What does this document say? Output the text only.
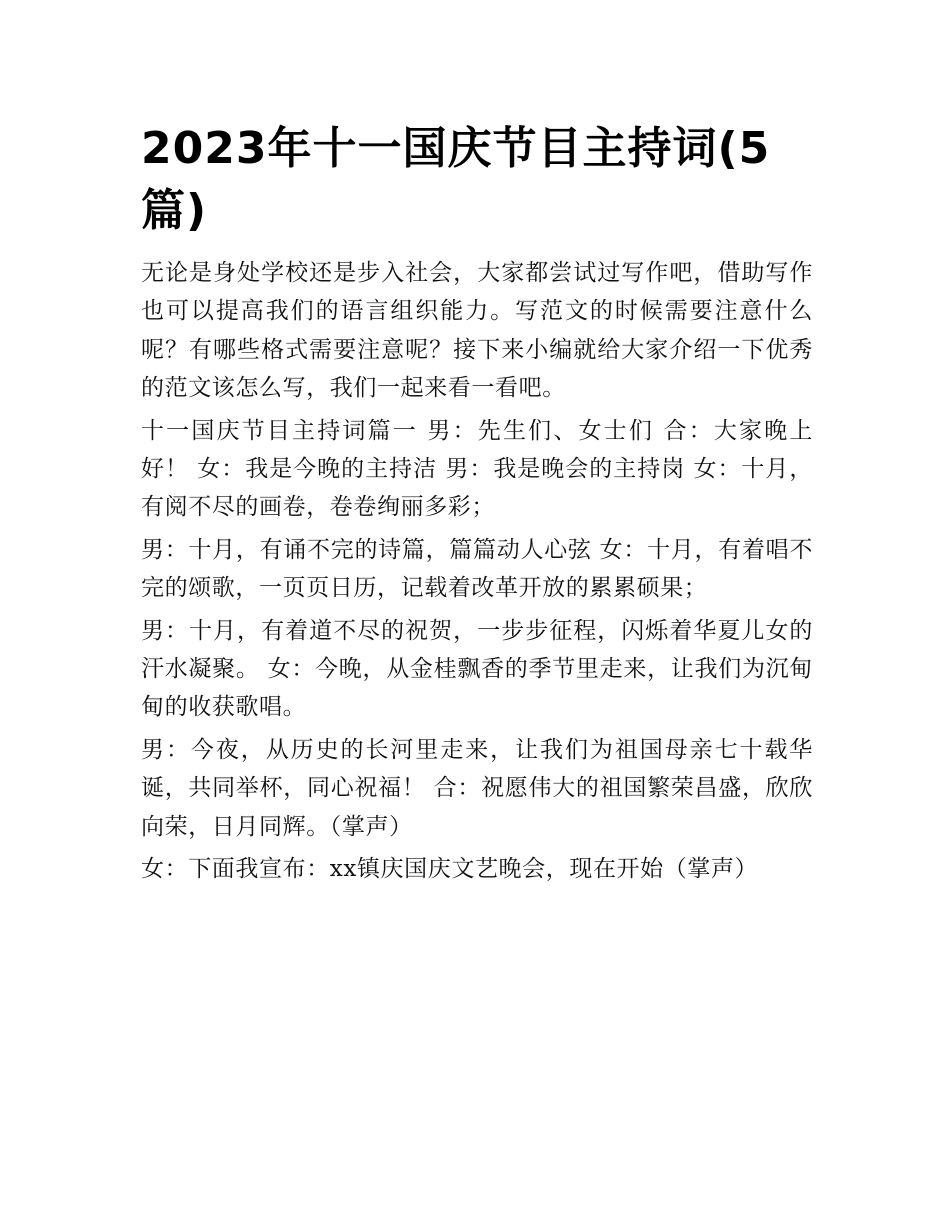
2023年十一国庆节目主持词(5篇)

无论是身处学校还是步入社会，大家都尝试过写作吧，借助写作也可以提高我们的语言组织能力。写范文的时候需要注意什么呢？有哪些格式需要注意呢？接下来小编就给大家介绍一下优秀的范文该怎么写，我们一起来看一看吧。

十一国庆节目主持词篇一 男：先生们、女士们 合：大家晚上好！ 女：我是今晚的主持洁 男：我是晚会的主持岗 女：十月，有阅不尽的画卷，卷卷绚丽多彩；

男：十月，有诵不完的诗篇，篇篇动人心弦 女：十月，有着唱不完的颂歌，一页页日历，记载着改革开放的累累硕果；

男：十月，有着道不尽的祝贺，一步步征程，闪烁着华夏儿女的汗水凝聚。 女：今晚，从金桂飘香的季节里走来，让我们为沉甸甸的收获歌唱。

男：今夜，从历史的长河里走来，让我们为祖国母亲七十载华诞，共同举杯，同心祝福！ 合：祝愿伟大的祖国繁荣昌盛，欣欣向荣，日月同辉。（掌声）

女：下面我宣布：xx镇庆国庆文艺晚会，现在开始（掌声）
